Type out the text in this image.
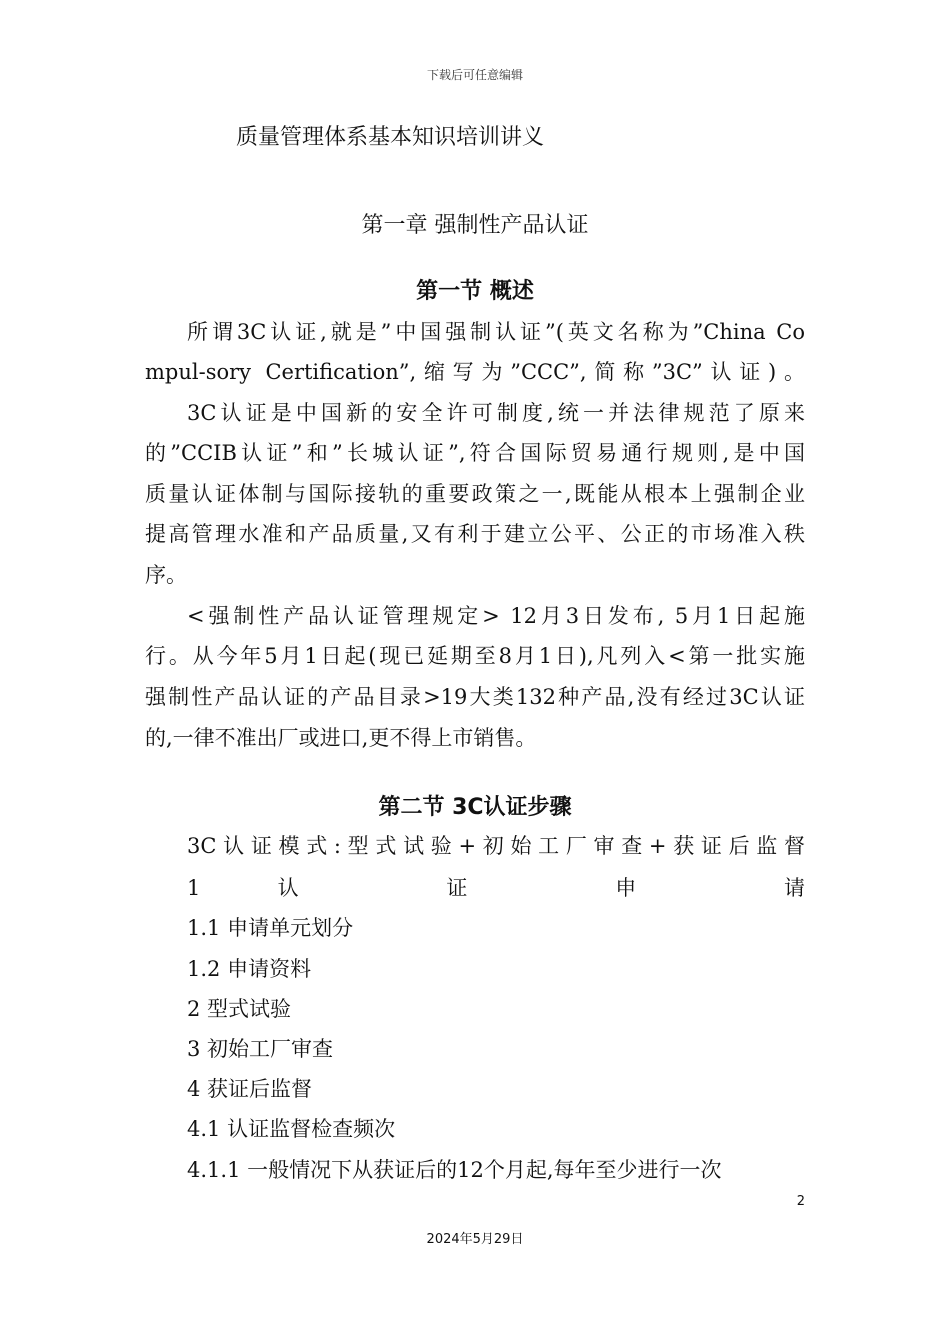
下载后可任意编辑
质量管理体系基本知识培训讲义
第一章 强制性产品认证
第一节 概述
所谓3C认证,就是”中国强制认证”(英文名称为”China Co
mpul-sory Certification”,缩写为”CCC”,简称”3C”认证)。
3C认证是中国新的安全许可制度,统一并法律规范了原来
的”CCIB认证”和”长城认证”,符合国际贸易通行规则,是中国
质量认证体制与国际接轨的重要政策之一,既能从根本上强制企业
提高管理水准和产品质量,又有利于建立公平、公正的市场准入秩
序。
<强制性产品认证管理规定> 12月3日发布, 5月1日起施
行。从今年5月1日起(现已延期至8月1日),凡列入<第一批实施
强制性产品认证的产品目录>19大类132种产品,没有经过3C认证
的,一律不准出厂或进口,更不得上市销售。
第二节 3C认证步骤
3C认证模式:型式试验+初始工厂审查+获证后监督
1 认 证 申 请
1.1 申请单元划分
1.2 申请资料
2 型式试验
3 初始工厂审查
4 获证后监督
4.1 认证监督检查频次
4.1.1 一般情况下从获证后的12个月起,每年至少进行一次
2
2024年5月29日
